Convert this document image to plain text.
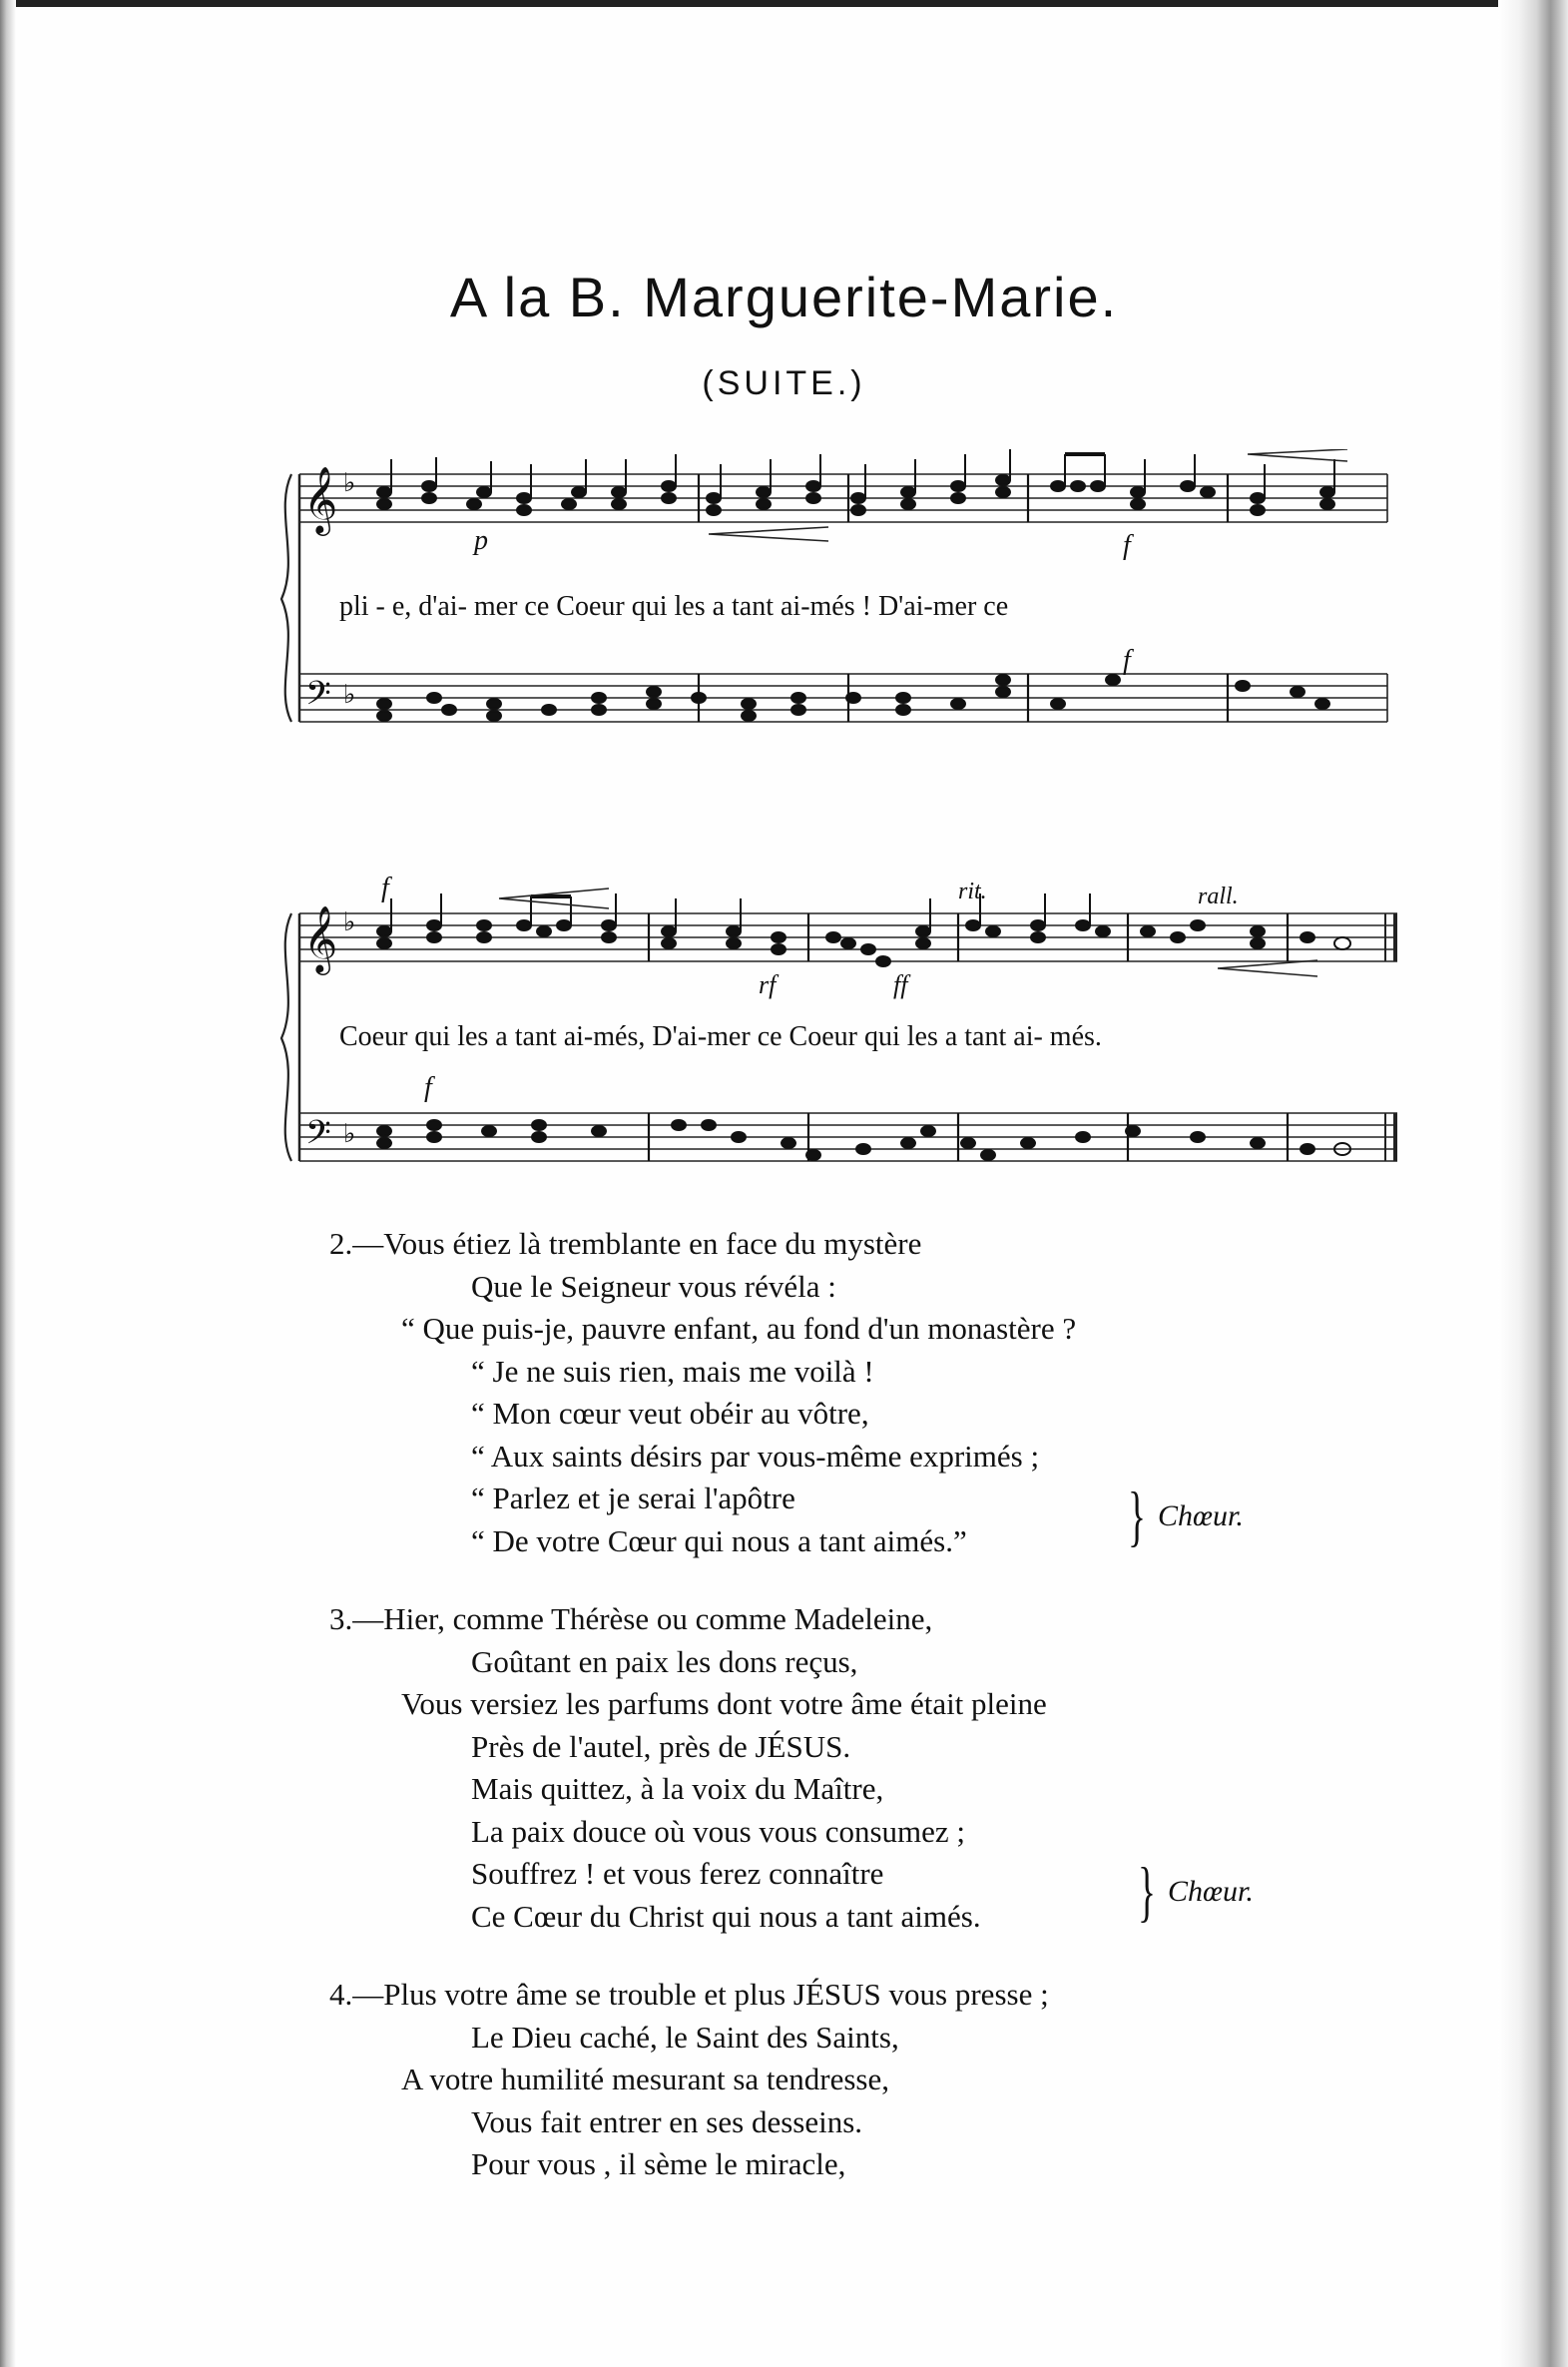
A la B. Marguerite-Marie.
(SUITE.)
𝄞
𝄢
♭
♭
p	f
f
pli - e, d'ai- mer ce Coeur qui les a tant ai-més ! D'ai-mer ce
𝄞
𝄢
♭
♭
f
rf	ff
f
rit.	rall.
Coeur qui les a tant ai-més, D'ai-mer ce Coeur qui les a tant ai- més.
2.—Vous étiez là tremblante en face du mystère
Que le Seigneur vous révéla :
“ Que puis-je, pauvre enfant, au fond d'un monastère ?
“ Je ne suis rien, mais me voilà !
“ Mon cœur veut obéir au vôtre,
“ Aux saints désirs par vous-même exprimés ;
“ Parlez et je serai l'apôtre
“ De votre Cœur qui nous a tant aimés.”	} Chœur.
3.—Hier, comme Thérèse ou comme Madeleine,
Goûtant en paix les dons reçus,
Vous versiez les parfums dont votre âme était pleine
Près de l'autel, près de JÉSUS.
Mais quittez, à la voix du Maître,
La paix douce où vous vous consumez ;
Souffrez ! et vous ferez connaître
Ce Cœur du Christ qui nous a tant aimés.	} Chœur.
4.—Plus votre âme se trouble et plus JÉSUS vous presse ;
Le Dieu caché, le Saint des Saints,
A votre humilité mesurant sa tendresse,
Vous fait entrer en ses desseins.
Pour vous , il sème le miracle,
